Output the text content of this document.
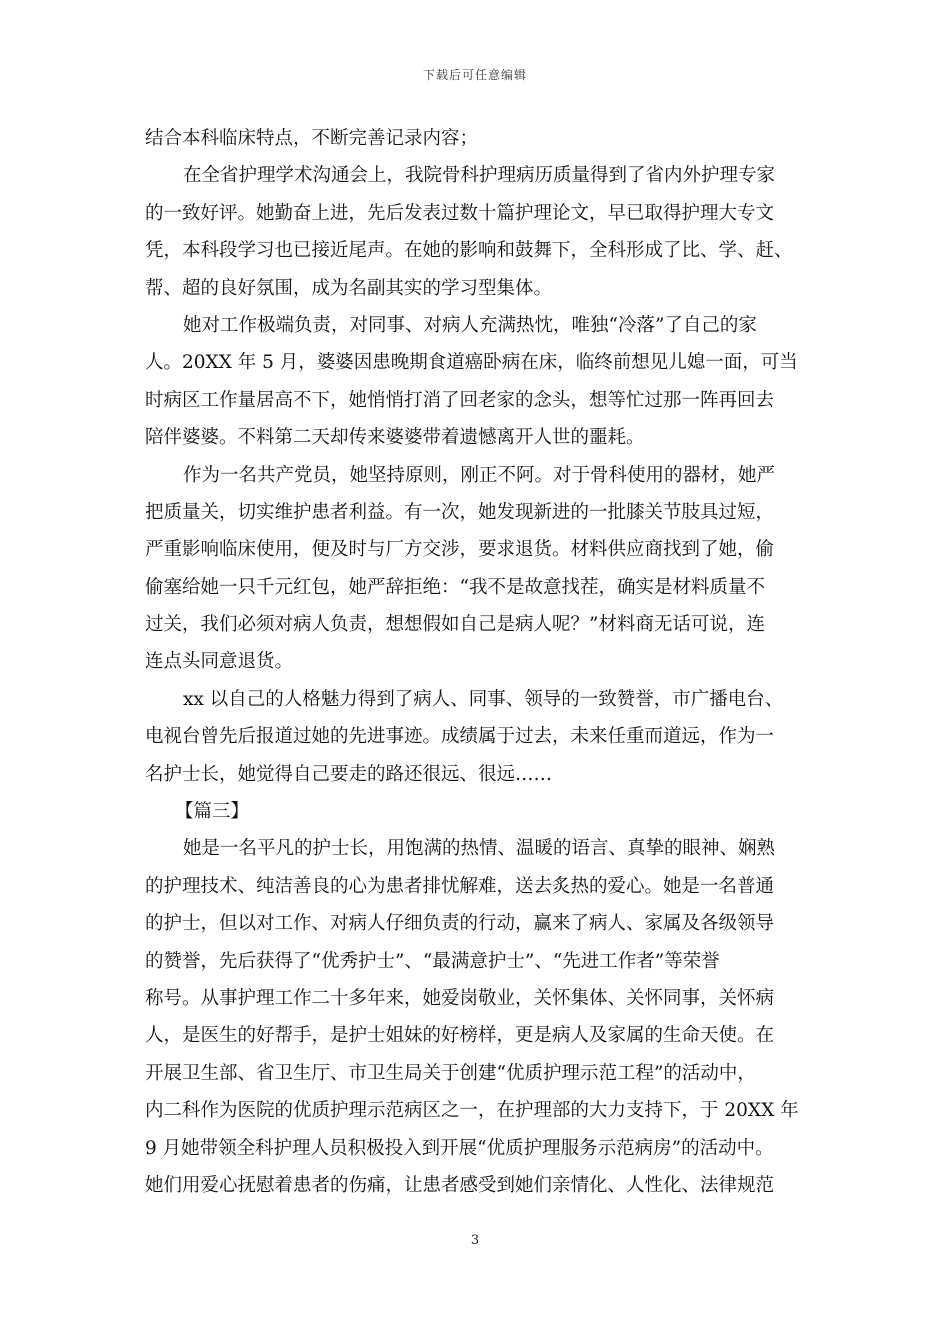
下载后可任意编辑
结合本科临床特点，不断完善记录内容；
在全省护理学术沟通会上，我院骨科护理病历质量得到了省内外护理专家
的一致好评。她勤奋上进，先后发表过数十篇护理论文，早已取得护理大专文
凭，本科段学习也已接近尾声。在她的影响和鼓舞下，全科形成了比、学、赶、
帮、超的良好氛围，成为名副其实的学习型集体。
她对工作极端负责，对同事、对病人充满热忱，唯独“冷落”了自己的家
人。20XX 年 5 月，婆婆因患晚期食道癌卧病在床，临终前想见儿媳一面，可当
时病区工作量居高不下，她悄悄打消了回老家的念头，想等忙过那一阵再回去
陪伴婆婆。不料第二天却传来婆婆带着遗憾离开人世的噩耗。
作为一名共产党员，她坚持原则，刚正不阿。对于骨科使用的器材，她严
把质量关，切实维护患者利益。有一次，她发现新进的一批膝关节肢具过短，
严重影响临床使用，便及时与厂方交涉，要求退货。材料供应商找到了她，偷
偷塞给她一只千元红包，她严辞拒绝：“我不是故意找茬，确实是材料质量不
过关，我们必须对病人负责，想想假如自己是病人呢？”材料商无话可说，连
连点头同意退货。
xx 以自己的人格魅力得到了病人、同事、领导的一致赞誉，市广播电台、
电视台曾先后报道过她的先进事迹。成绩属于过去，未来任重而道远，作为一
名护士长，她觉得自己要走的路还很远、很远……
【篇三】
她是一名平凡的护士长，用饱满的热情、温暖的语言、真挚的眼神、娴熟
的护理技术、纯洁善良的心为患者排忧解难，送去炙热的爱心。她是一名普通
的护士，但以对工作、对病人仔细负责的行动，赢来了病人、家属及各级领导
的赞誉，先后获得了“优秀护士”、“最满意护士”、“先进工作者”等荣誉
称号。从事护理工作二十多年来，她爱岗敬业，关怀集体、关怀同事，关怀病
人，是医生的好帮手，是护士姐妹的好榜样，更是病人及家属的生命天使。在
开展卫生部、省卫生厅、市卫生局关于创建“优质护理示范工程”的活动中，
内二科作为医院的优质护理示范病区之一，在护理部的大力支持下，于 20XX 年
9 月她带领全科护理人员积极投入到开展“优质护理服务示范病房”的活动中。
她们用爱心抚慰着患者的伤痛，让患者感受到她们亲情化、人性化、法律规范
3
